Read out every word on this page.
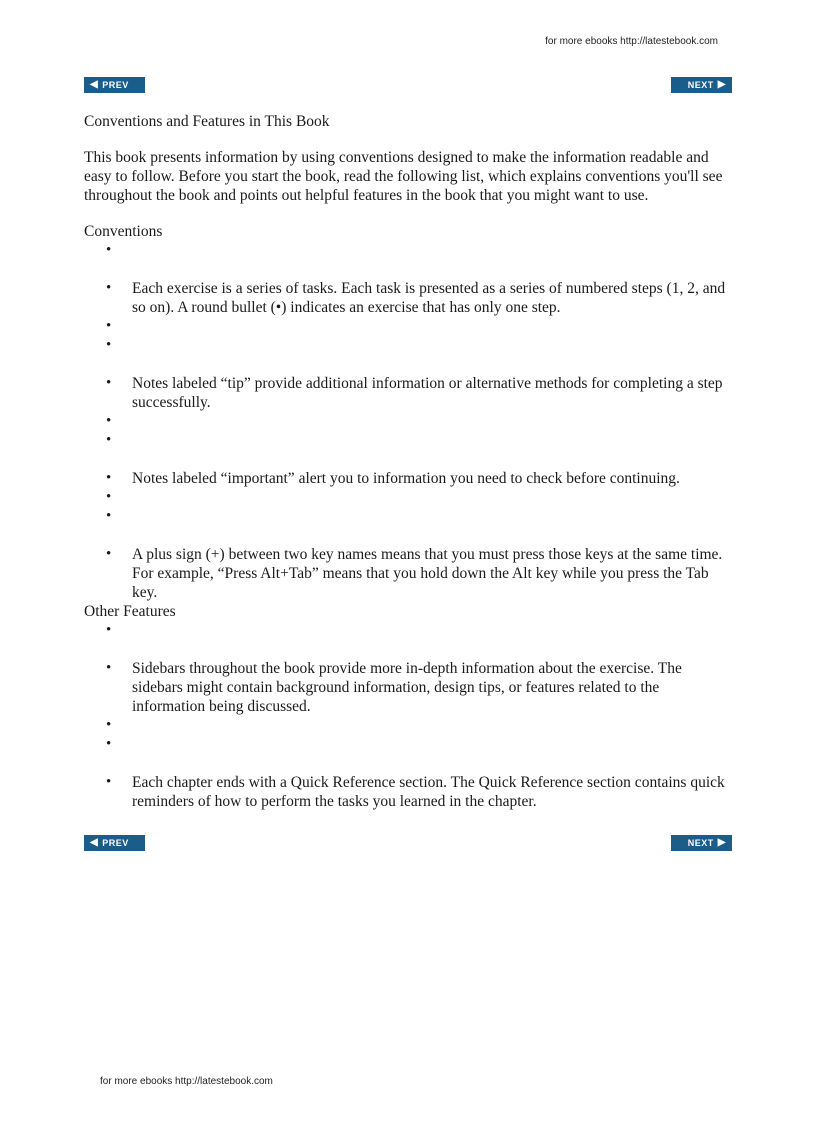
for more ebooks http://latestebook.com
◀ PREV	NEXT ▶

Conventions and Features in This Book

This book presents information by using conventions designed to make the information readable and easy to follow. Before you start the book, read the following list, which explains conventions you'll see throughout the book and points out helpful features in the book that you might want to use.

Conventions

•
• Each exercise is a series of tasks. Each task is presented as a series of numbered steps (1, 2, and so on). A round bullet (•) indicates an exercise that has only one step.
•
•
• Notes labeled “tip” provide additional information or alternative methods for completing a step successfully.
•
•
• Notes labeled “important” alert you to information you need to check before continuing.
•
•
• A plus sign (+) between two key names means that you must press those keys at the same time. For example, “Press Alt+Tab” means that you hold down the Alt key while you press the Tab key.

Other Features

•
• Sidebars throughout the book provide more in-depth information about the exercise. The sidebars might contain background information, design tips, or features related to the information being discussed.
•
•
• Each chapter ends with a Quick Reference section. The Quick Reference section contains quick reminders of how to perform the tasks you learned in the chapter.
◀ PREV	NEXT ▶
for more ebooks http://latestebook.com
